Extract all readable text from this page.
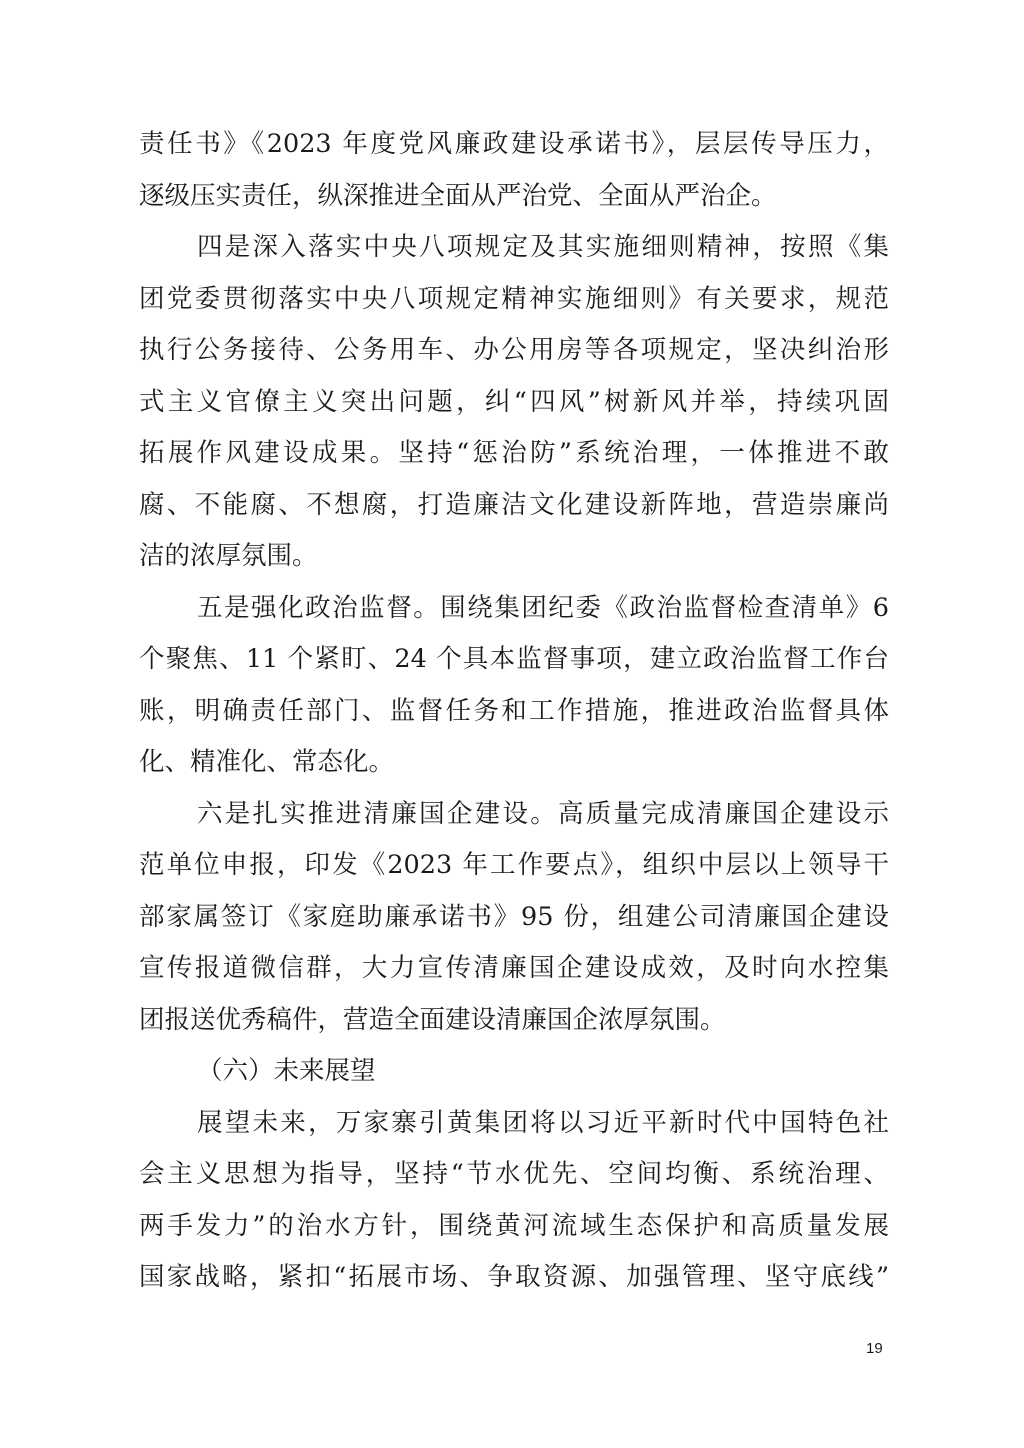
责任书》《2023 年度党风廉政建设承诺书》，层层传导压力，
逐级压实责任，纵深推进全面从严治党、全面从严治企。
四是深入落实中央八项规定及其实施细则精神，按照《集
团党委贯彻落实中央八项规定精神实施细则》有关要求，规范
执行公务接待、公务用车、办公用房等各项规定，坚决纠治形
式主义官僚主义突出问题，纠“四风”树新风并举，持续巩固
拓展作风建设成果。坚持“惩治防”系统治理，一体推进不敢
腐、不能腐、不想腐，打造廉洁文化建设新阵地，营造崇廉尚
洁的浓厚氛围。
五是强化政治监督。围绕集团纪委《政治监督检查清单》6
个聚焦、11 个紧盯、24 个具本监督事项，建立政治监督工作台
账，明确责任部门、监督任务和工作措施，推进政治监督具体
化、精准化、常态化。
六是扎实推进清廉国企建设。高质量完成清廉国企建设示
范单位申报，印发《2023 年工作要点》，组织中层以上领导干
部家属签订《家庭助廉承诺书》95 份，组建公司清廉国企建设
宣传报道微信群，大力宣传清廉国企建设成效，及时向水控集
团报送优秀稿件，营造全面建设清廉国企浓厚氛围。
（六）未来展望
展望未来，万家寨引黄集团将以习近平新时代中国特色社
会主义思想为指导，坚持“节水优先、空间均衡、系统治理、
两手发力”的治水方针，围绕黄河流域生态保护和高质量发展
国家战略，紧扣“拓展市场、争取资源、加强管理、坚守底线”
19
